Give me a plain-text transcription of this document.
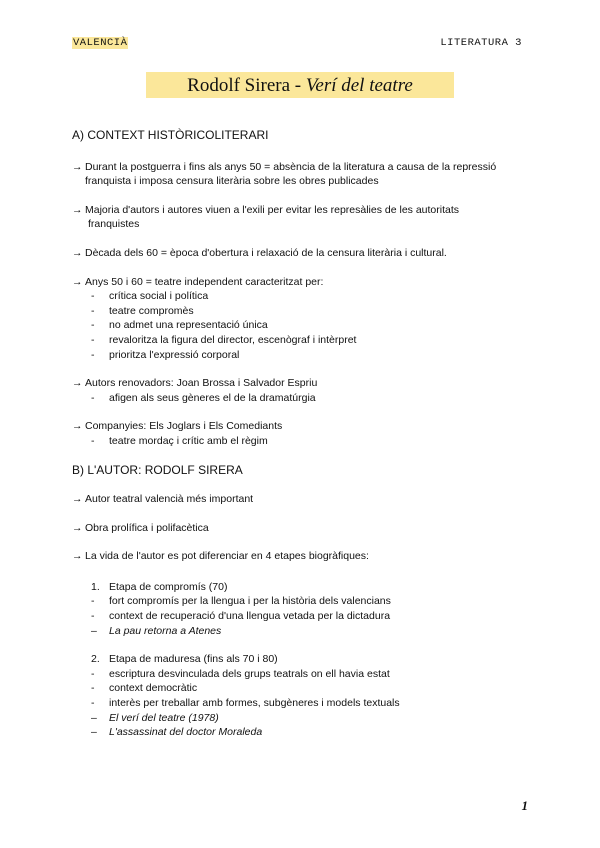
VALENCIÀ	LITERATURA 3
Rodolf Sirera - Verí del teatre

A) CONTEXT HISTÒRICOLITERARI

→ Durant la postguerra i fins als anys 50 = absència de la literatura a causa de la repressió

franquista i imposa censura literària sobre les obres publicades

→ Majoria d'autors i autores viuen a l'exili per evitar les represàlies de les autoritats

franquistes

→ Dècada dels 60 = època d'obertura i relaxació de la censura literària i cultural.

→ Anys 50 i 60 = teatre independent caracteritzat per:

- crítica social i política
- teatre compromès
- no admet una representació única
- revaloritza la figura del director, escenògraf i intèrpret
- prioritza l'expressió corporal

→ Autors renovadors: Joan Brossa i Salvador Espriu

- afigen als seus gèneres el de la dramatúrgia

→ Companyies: Els Joglars i Els Comediants

- teatre mordaç i crític amb el règim

B) L'AUTOR: RODOLF SIRERA

→ Autor teatral valencià més important

→ Obra prolífica i polifacètica

→ La vida de l'autor es pot diferenciar en 4 etapes biogràfiques:

1. Etapa de compromís (70)

- fort compromís per la llengua i per la història dels valencians
- context de recuperació d'una llengua vetada per la dictadura
– La pau retorna a Atenes

2. Etapa de maduresa (fins als 70 i 80)

- escriptura desvinculada dels grups teatrals on ell havia estat
- context democràtic
- interès per treballar amb formes, subgèneres i models textuals
– El verí del teatre (1978)
– L'assassinat del doctor Moraleda
1
